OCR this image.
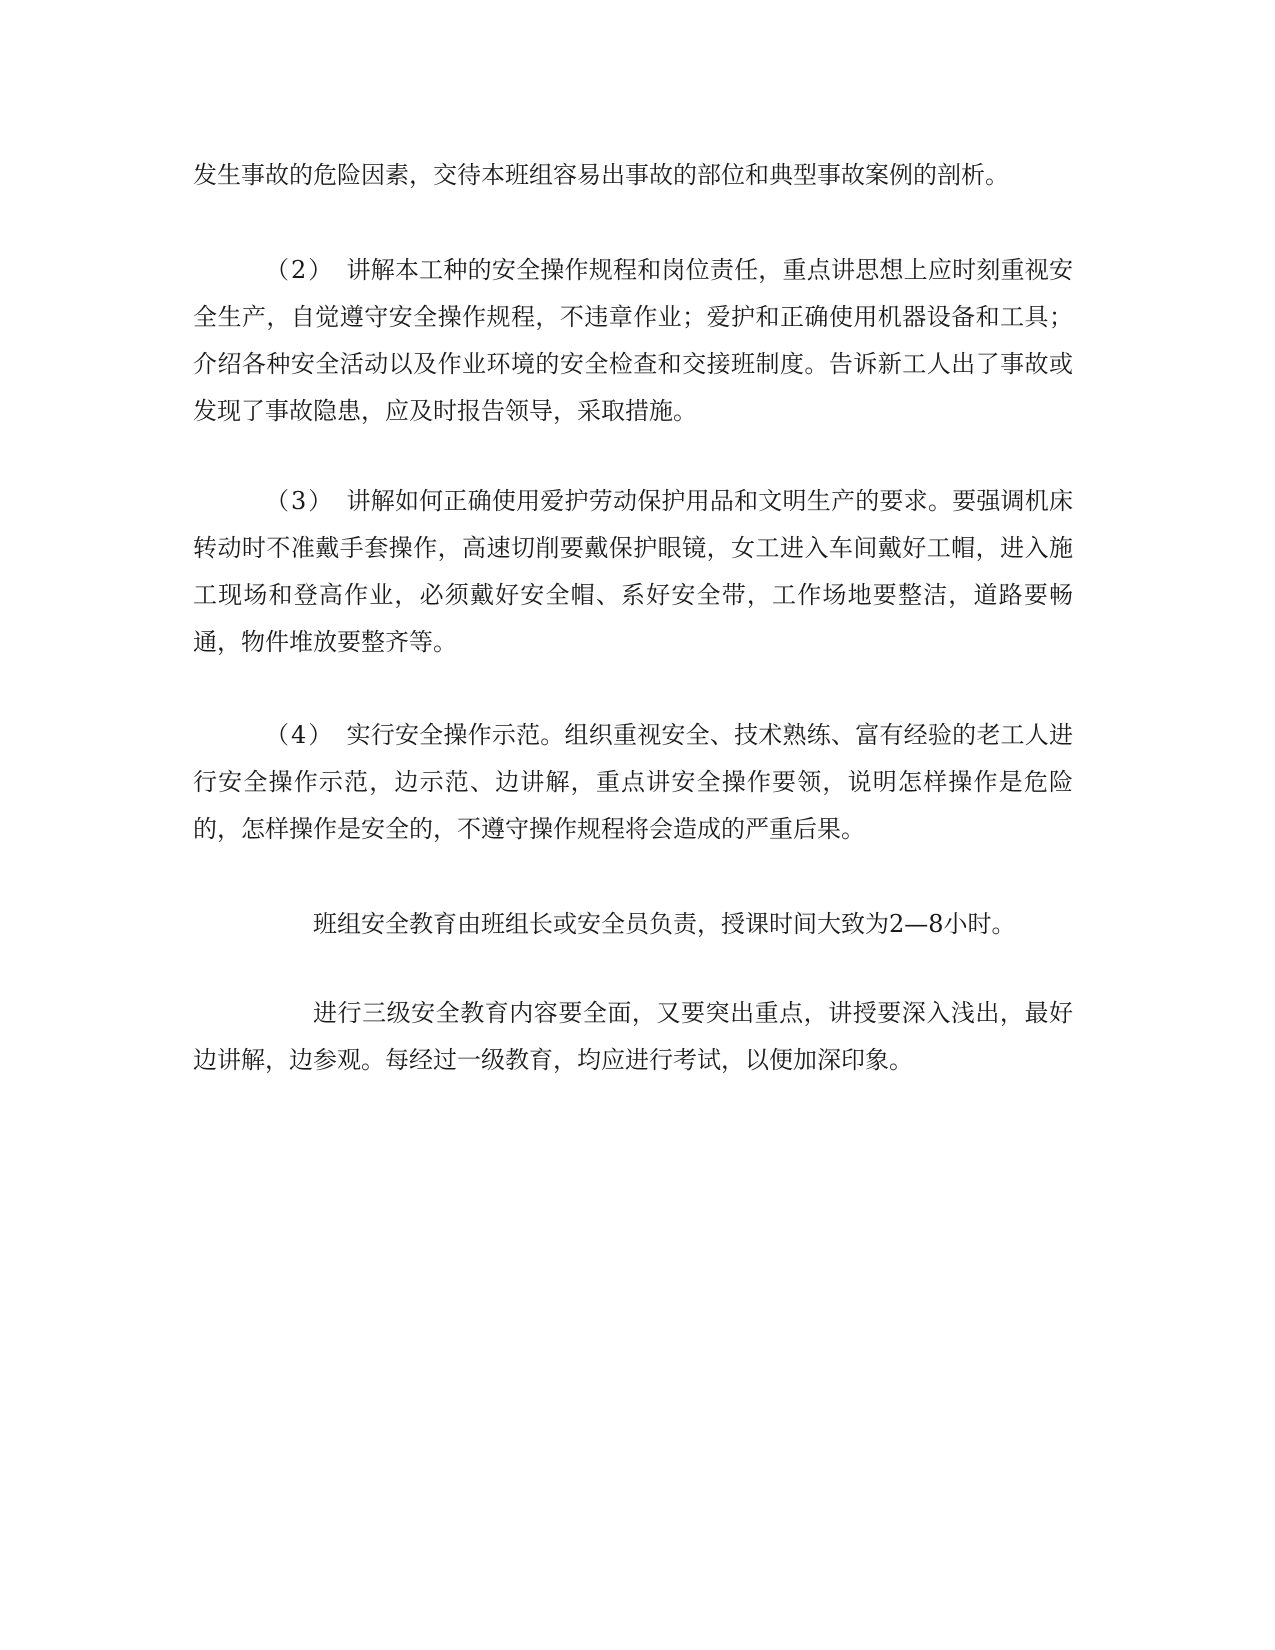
发生事故的危险因素，交待本班组容易出事故的部位和典型事故案例的剖析。

（2） 讲解本工种的安全操作规程和岗位责任，重点讲思想上应时刻重视安全生产，自觉遵守安全操作规程，不违章作业；爱护和正确使用机器设备和工具；介绍各种安全活动以及作业环境的安全检查和交接班制度。告诉新工人出了事故或发现了事故隐患，应及时报告领导，采取措施。

（3） 讲解如何正确使用爱护劳动保护用品和文明生产的要求。要强调机床转动时不准戴手套操作，高速切削要戴保护眼镜，女工进入车间戴好工帽，进入施工现场和登高作业，必须戴好安全帽、系好安全带，工作场地要整洁，道路要畅通，物件堆放要整齐等。

（4） 实行安全操作示范。组织重视安全、技术熟练、富有经验的老工人进行安全操作示范，边示范、边讲解，重点讲安全操作要领，说明怎样操作是危险的，怎样操作是安全的，不遵守操作规程将会造成的严重后果。

班组安全教育由班组长或安全员负责，授课时间大致为2—8小时。

进行三级安全教育内容要全面，又要突出重点，讲授要深入浅出，最好边讲解，边参观。每经过一级教育，均应进行考试，以便加深印象。
